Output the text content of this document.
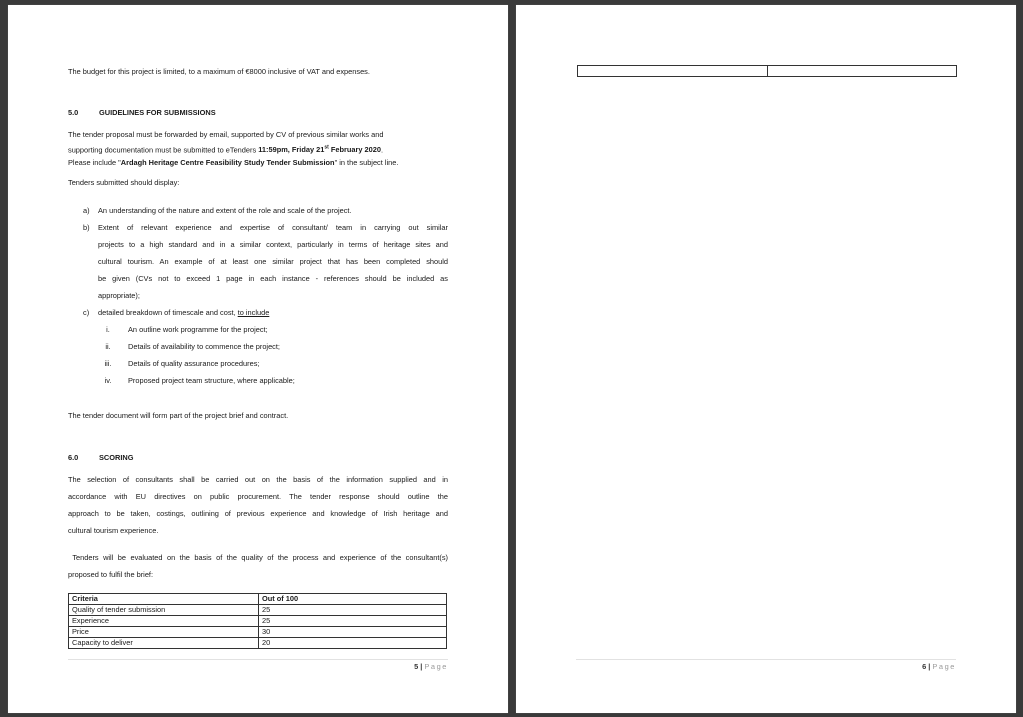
The budget for this project is limited, to a maximum of €8000 inclusive of VAT and expenses.
5.0	GUIDELINES FOR SUBMISSIONS
The tender proposal must be forwarded by email, supported by CV of previous similar works and
supporting documentation must be submitted to eTenders 11:59pm, Friday 21st February 2020.
Please include "Ardagh Heritage Centre Feasibility Study Tender Submission" in the subject line.
Tenders submitted should display:
a) An understanding of the nature and extent of the role and scale of the project.
b) Extent of relevant experience and expertise of consultant/ team in carrying out similar
projects to a high standard and in a similar context, particularly in terms of heritage sites and
cultural tourism. An example of at least one similar project that has been completed should
be given (CVs not to exceed 1 page in each instance - references should be included as
appropriate);
c) detailed breakdown of timescale and cost, to include
i.	An outline work programme for the project;
ii.	Details of availability to commence the project;
iii.	Details of quality assurance procedures;
iv.	Proposed project team structure, where applicable;
The tender document will form part of the project brief and contract.
6.0	SCORING
The selection of consultants shall be carried out on the basis of the information supplied and in
accordance with EU directives on public procurement. The tender response should outline the
approach to be taken, costings, outlining of previous experience and knowledge of Irish heritage and
cultural tourism experience.
Tenders will be evaluated on the basis of the quality of the process and experience of the consultant(s)
proposed to fulfil the brief:
Criteria	Out of 100
Quality of tender submission	25
Experience	25
Price	30
Capacity to deliver	20
5 | Page
		6 | Page
